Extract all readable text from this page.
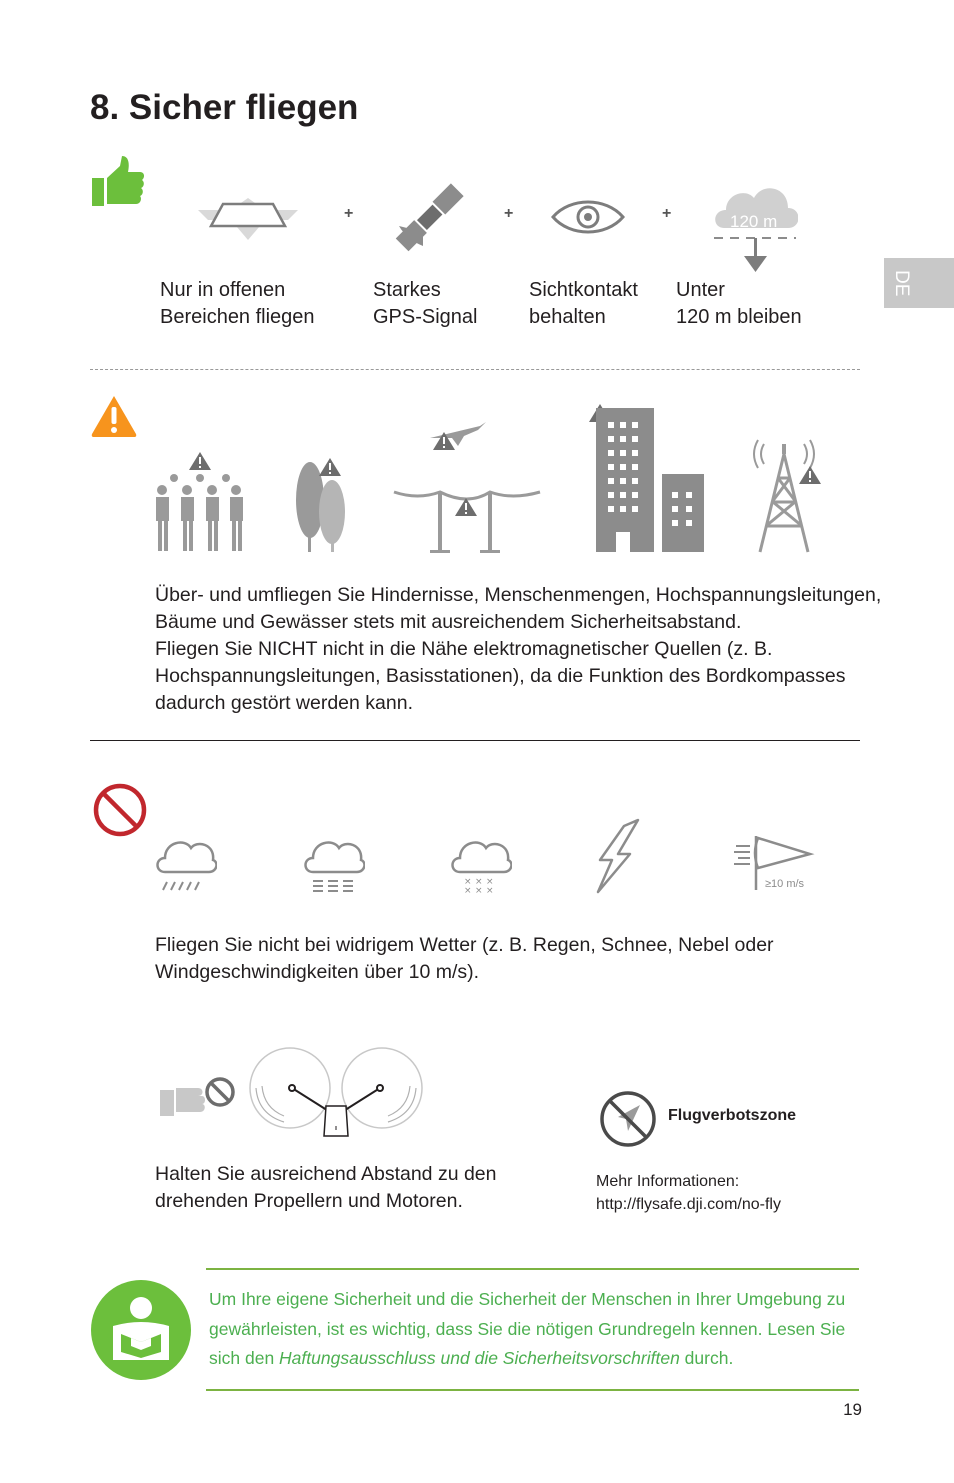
8. Sicher fliegen
DE
+	+	+	120 m
Nur in offenen
Bereichen fliegen
Starkes
GPS-Signal
Sichtkontakt
behalten
Unter
120 m bleiben
Über- und umfliegen Sie Hindernisse, Menschenmengen, Hochspannungsleitungen, Bäume und Gewässer stets mit ausreichendem Sicherheitsabstand.
Fliegen Sie NICHT nicht in die Nähe elektromagnetischer Quellen (z. B. Hochspannungsleitungen, Basisstationen), da die Funktion des Bordkompasses dadurch gestört werden kann.
× × ×
× × ×
≥10 m/s
Fliegen Sie nicht bei widrigem Wetter (z. B. Regen, Schnee, Nebel oder Windgeschwindigkeiten über 10 m/s).
Halten Sie ausreichend Abstand zu den drehenden Propellern und Motoren.
Flugverbotszone
Mehr Informationen:
http://flysafe.dji.com/no-fly
Um Ihre eigene Sicherheit und die Sicherheit der Menschen in Ihrer Umgebung zu gewährleisten, ist es wichtig, dass Sie die nötigen Grundregeln kennen. Lesen Sie sich den Haftungsausschluss und die Sicherheitsvorschriften durch.
19
